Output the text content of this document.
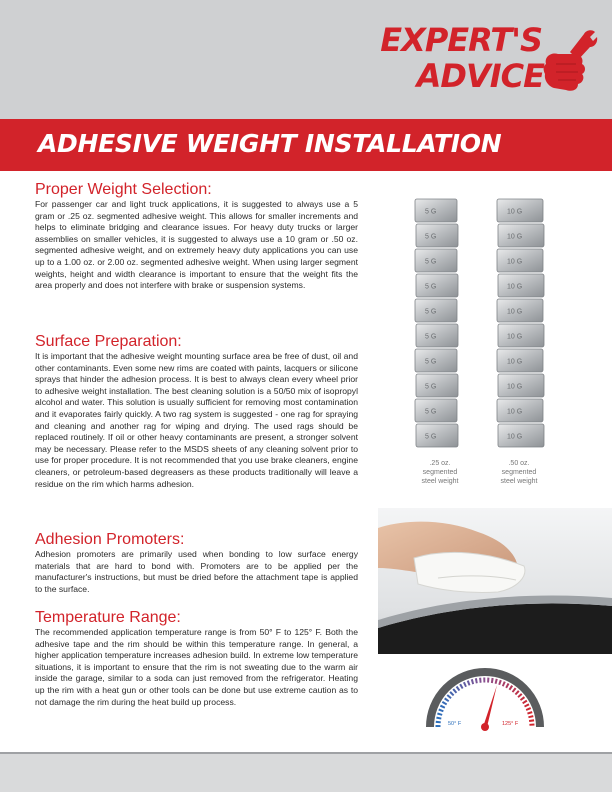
EXPERT'S
ADVICE
ADHESIVE WEIGHT INSTALLATION
Proper Weight Selection:

For passenger car and light truck applications, it is suggested to always use a 5 gram or .25 oz. segmented adhesive weight. This allows for smaller increments and helps to eliminate bridging and clearance issues. For heavy duty trucks or larger assemblies on smaller vehicles, it is suggested to always use a 10 gram or .50 oz. segmented adhesive weight, and on extremely heavy duty applications you can use up to a 1.00 oz. or 2.00 oz. segmented adhesive weight. When using larger segment weights, height and width clearance is important to ensure that the weight fits the area properly and does not interfere with brake or suspension systems.

Surface Preparation:

It is important that the adhesive weight mounting surface area be free of dust, oil and other contaminants. Even some new rims are coated with paints, lacquers or silicone sprays that hinder the adhesion process. It is best to always clean every wheel prior to adhesive weight installation. The best cleaning solution is a 50/50 mix of isopropyl alcohol and water. This solution is usually sufficient for removing most contamination and it evaporates fairly quickly. A two rag system is suggested - one rag for spraying and cleaning and another rag for wiping and drying. The used rags should be replaced routinely. If oil or other heavy contaminants are present, a stronger solvent may be necessary. Please refer to the MSDS sheets of any cleaning solvent prior to use for proper procedure. It is not recommended that you use brake cleaners, engine cleaners, or petroleum-based degreasers as these products traditionally will leave a residue on the rim which harms adhesion.

Adhesion Promoters:

Adhesion promoters are primarily used when bonding to low surface energy materials that are hard to bond with. Promoters are to be applied per the manufacturer's instructions, but must be dried before the attachment tape is applied to the surface.

Temperature Range:

The recommended application temperature range is from 50° F to 125° F. Both the adhesive tape and the rim should be within this temperature range. In general, a higher application temperature increases adhesion build. In extreme low temperature situations, it is important to ensure that the rim is not sweating due to the warm air inside the garage, similar to a soda can just removed from the refrigerator. Heating up the rim with a heat gun or other tools can be done but use extreme caution as to not damage the rim during the heat build up process.

5 G
5 G
5 G
5 G
5 G
5 G
5 G
5 G
5 G
5 G
10 G
10 G
10 G
10 G
10 G
10 G
10 G
10 G
10 G
10 G
.25 oz.
segmented
steel weight
.50 oz.
segmented
steel weight
50° F	125° F
